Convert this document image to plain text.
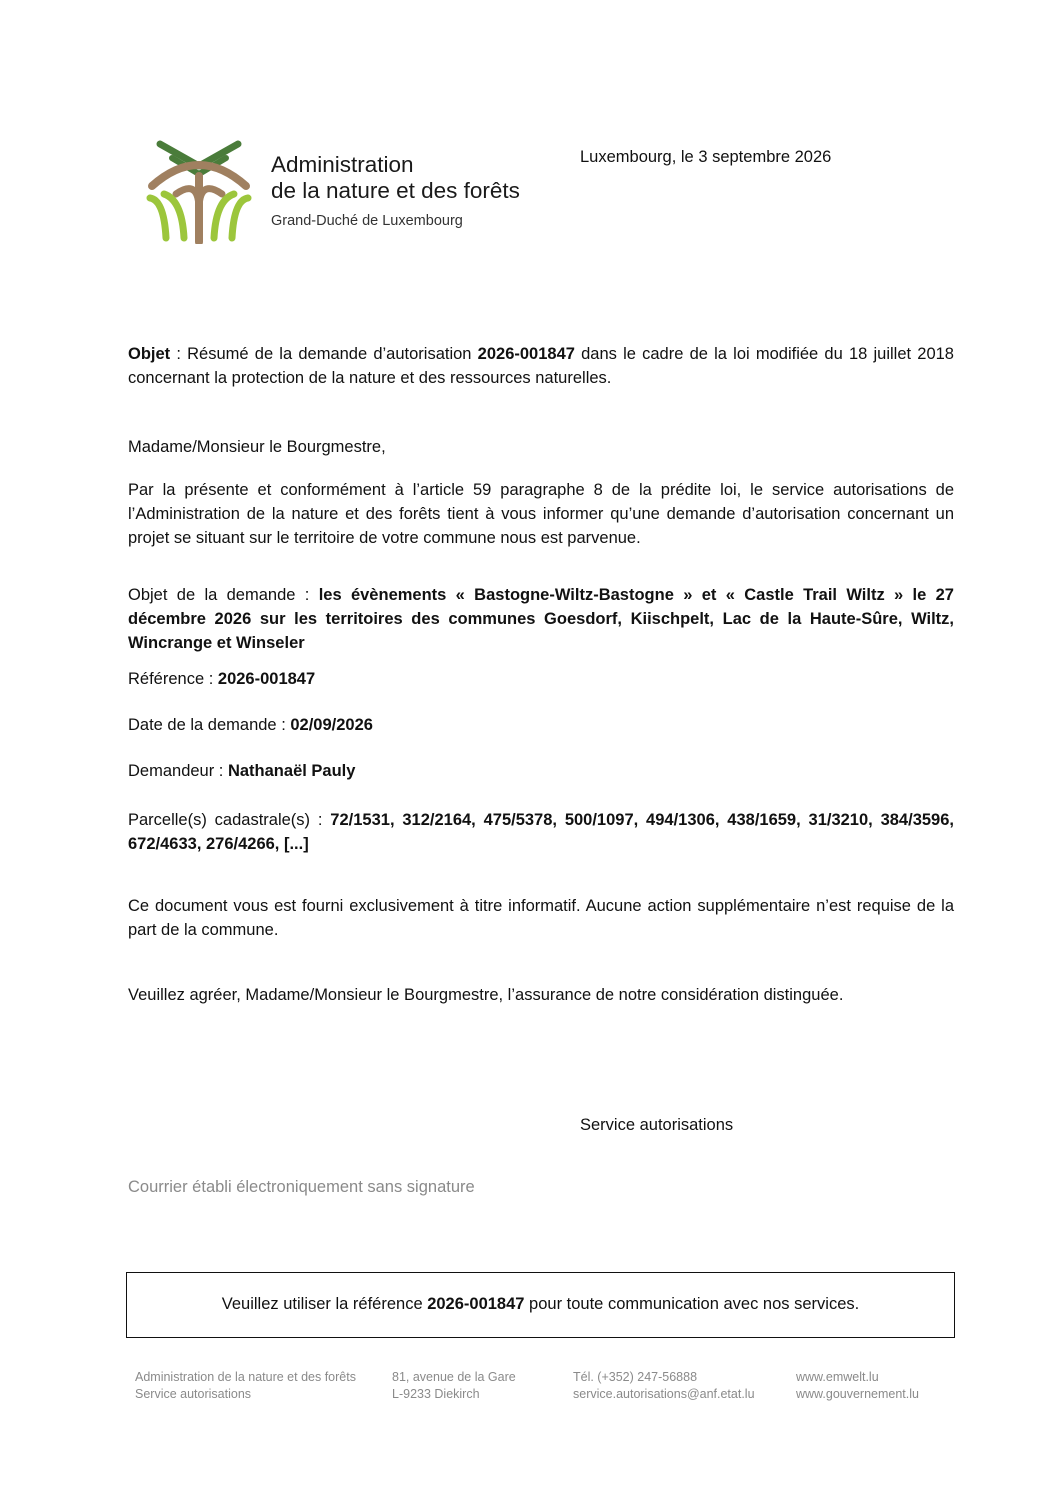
Administration
de la nature et des forêts
Grand-Duché de Luxembourg
Luxembourg, le 3 septembre 2026
Objet : Résumé de la demande d’autorisation 2026-001847 dans le cadre de la loi modifiée du 18 juillet 2018 concernant la protection de la nature et des ressources naturelles.
Madame/Monsieur le Bourgmestre,
Par la présente et conformément à l’article 59 paragraphe 8 de la prédite loi, le service autorisations de l’Administration de la nature et des forêts tient à vous informer qu’une demande d’autorisation concernant un projet se situant sur le territoire de votre commune nous est parvenue.
Objet de la demande : les évènements « Bastogne-Wiltz-Bastogne » et « Castle Trail Wiltz » le 27 décembre 2026 sur les territoires des communes Goesdorf, Kiischpelt, Lac de la Haute-Sûre, Wiltz, Wincrange et Winseler
Référence : 2026-001847
Date de la demande : 02/09/2026
Demandeur : Nathanaël Pauly
Parcelle(s) cadastrale(s) : 72/1531, 312/2164, 475/5378, 500/1097, 494/1306, 438/1659, 31/3210, 384/3596, 672/4633, 276/4266, [...]
Ce document vous est fourni exclusivement à titre informatif. Aucune action supplémentaire n’est requise de la part de la commune.
Veuillez agréer, Madame/Monsieur le Bourgmestre, l’assurance de notre considération distinguée.
Service autorisations
Courrier établi électroniquement sans signature
Veuillez utiliser la référence 2026-001847 pour toute communication avec nos services.
Administration de la nature et des forêts
Service autorisations
81, avenue de la Gare
L-9233 Diekirch
Tél. (+352) 247-56888
service.autorisations@anf.etat.lu
www.emwelt.lu
www.gouvernement.lu
